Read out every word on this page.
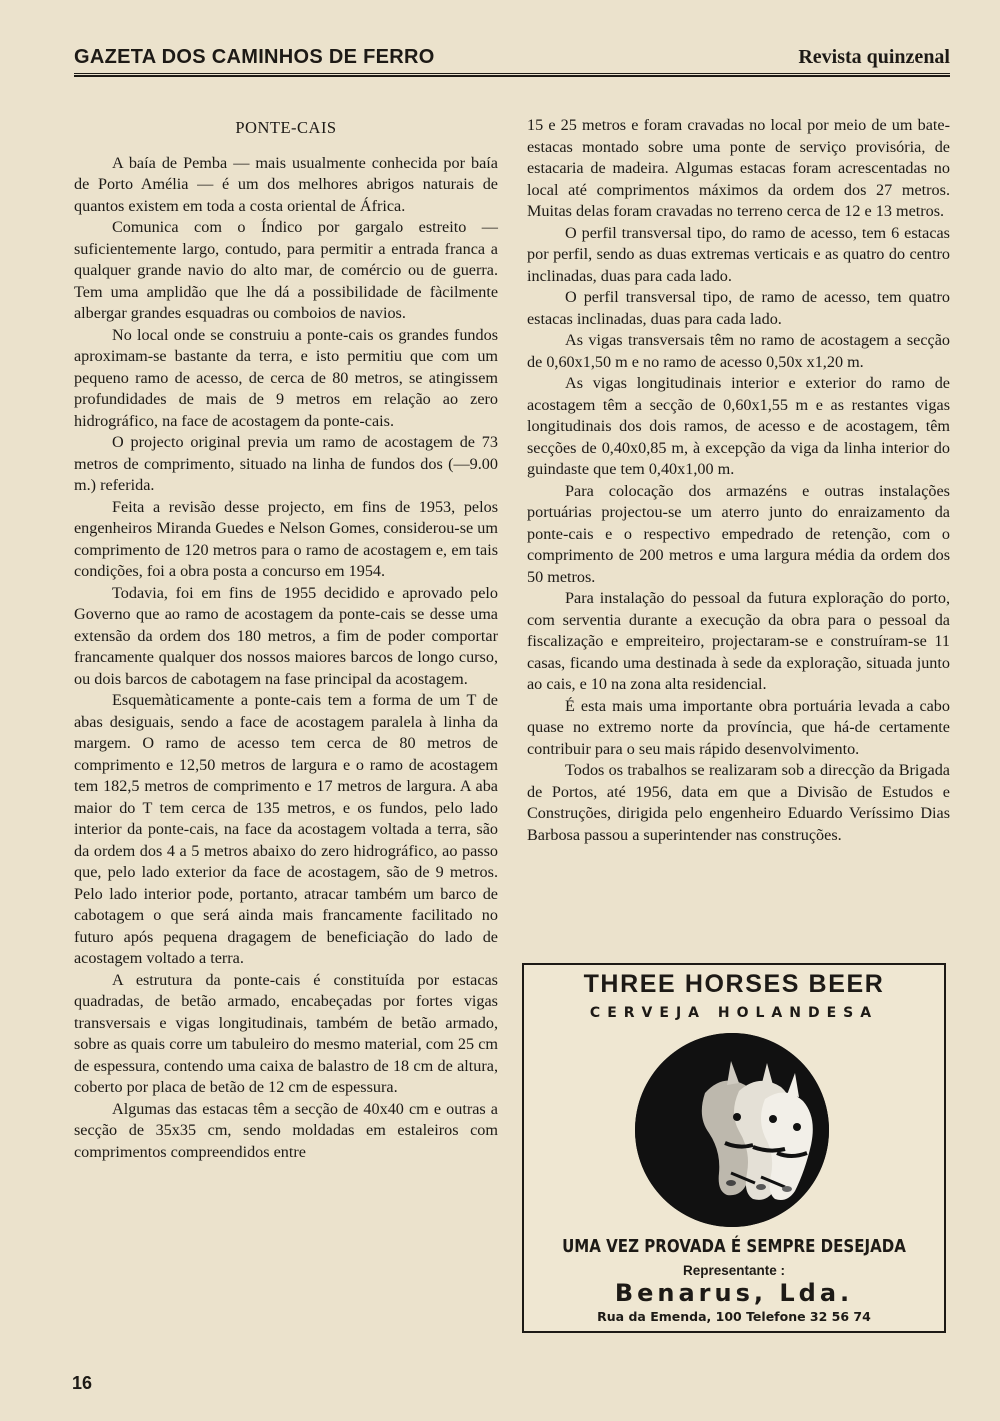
GAZETA DOS CAMINHOS DE FERRO	Revista quinzenal
PONTE-CAIS

A baía de Pemba — mais usualmente conhecida por baía de Porto Amélia — é um dos melhores abrigos naturais de quantos existem em toda a costa oriental de África.

Comunica com o Índico por gargalo estreito — suficientemente largo, contudo, para permitir a entrada franca a qualquer grande navio do alto mar, de comércio ou de guerra. Tem uma amplidão que lhe dá a possibilidade de fàcilmente albergar grandes esquadras ou comboios de navios.

No local onde se construiu a ponte-cais os grandes fundos aproximam-se bastante da terra, e isto permitiu que com um pequeno ramo de acesso, de cerca de 80 metros, se atingissem profundidades de mais de 9 metros em relação ao zero hidrográfico, na face de acostagem da ponte-cais.

O projecto original previa um ramo de acostagem de 73 metros de comprimento, situado na linha de fundos dos (—9.00 m.) referida.

Feita a revisão desse projecto, em fins de 1953, pelos engenheiros Miranda Guedes e Nelson Gomes, considerou-se um comprimento de 120 metros para o ramo de acostagem e, em tais condições, foi a obra posta a concurso em 1954.

Todavia, foi em fins de 1955 decidido e aprovado pelo Governo que ao ramo de acostagem da ponte-cais se desse uma extensão da ordem dos 180 metros, a fim de poder comportar francamente qualquer dos nossos maiores barcos de longo curso, ou dois barcos de cabotagem na fase principal da acostagem.

Esquemàticamente a ponte-cais tem a forma de um T de abas desiguais, sendo a face de acostagem paralela à linha da margem. O ramo de acesso tem cerca de 80 metros de comprimento e 12,50 metros de largura e o ramo de acostagem tem 182,5 metros de comprimento e 17 metros de largura. A aba maior do T tem cerca de 135 metros, e os fundos, pelo lado interior da ponte-cais, na face da acostagem voltada a terra, são da ordem dos 4 a 5 metros abaixo do zero hidrográfico, ao passo que, pelo lado exterior da face de acostagem, são de 9 metros. Pelo lado interior pode, portanto, atracar também um barco de cabotagem o que será ainda mais francamente facilitado no futuro após pequena dragagem de beneficiação do lado de acostagem voltado a terra.

A estrutura da ponte-cais é constituída por estacas quadradas, de betão armado, encabeçadas por fortes vigas transversais e vigas longitudinais, também de betão armado, sobre as quais corre um tabuleiro do mesmo material, com 25 cm de espessura, contendo uma caixa de balastro de 18 cm de altura, coberto por placa de betão de 12 cm de espessura.

Algumas das estacas têm a secção de 40x40 cm e outras a secção de 35x35 cm, sendo moldadas em estaleiros com comprimentos compreendidos entre

15 e 25 metros e foram cravadas no local por meio de um bate-estacas montado sobre uma ponte de serviço provisória, de estacaria de madeira. Algumas estacas foram acrescentadas no local até comprimentos máximos da ordem dos 27 metros. Muitas delas foram cravadas no terreno cerca de 12 e 13 metros.

O perfil transversal tipo, do ramo de acesso, tem 6 estacas por perfil, sendo as duas extremas verticais e as quatro do centro inclinadas, duas para cada lado.

O perfil transversal tipo, de ramo de acesso, tem quatro estacas inclinadas, duas para cada lado.

As vigas transversais têm no ramo de acostagem a secção de 0,60x1,50 m e no ramo de acesso 0,50x x1,20 m.

As vigas longitudinais interior e exterior do ramo de acostagem têm a secção de 0,60x1,55 m e as restantes vigas longitudinais dos dois ramos, de acesso e de acostagem, têm secções de 0,40x0,85 m, à excepção da viga da linha interior do guindaste que tem 0,40x1,00 m.

Para colocação dos armazéns e outras instalações portuárias projectou-se um aterro junto do enraizamento da ponte-cais e o respectivo empedrado de retenção, com o comprimento de 200 metros e uma largura média da ordem dos 50 metros.

Para instalação do pessoal da futura exploração do porto, com serventia durante a execução da obra para o pessoal da fiscalização e empreiteiro, projectaram-se e construíram-se 11 casas, ficando uma destinada à sede da exploração, situada junto ao cais, e 10 na zona alta residencial.

É esta mais uma importante obra portuária levada a cabo quase no extremo norte da província, que há-de certamente contribuir para o seu mais rápido desenvolvimento.

Todos os trabalhos se realizaram sob a direcção da Brigada de Portos, até 1956, data em que a Divisão de Estudos e Construções, dirigida pelo engenheiro Eduardo Veríssimo Dias Barbosa passou a superintender nas construções.

THREE HORSES BEER
CERVEJA HOLANDESA
UMA VEZ PROVADA É SEMPRE DESEJADA
Representante :
Benarus, Lda.
Rua da Emenda, 100 Telefone 32 56 74
16
